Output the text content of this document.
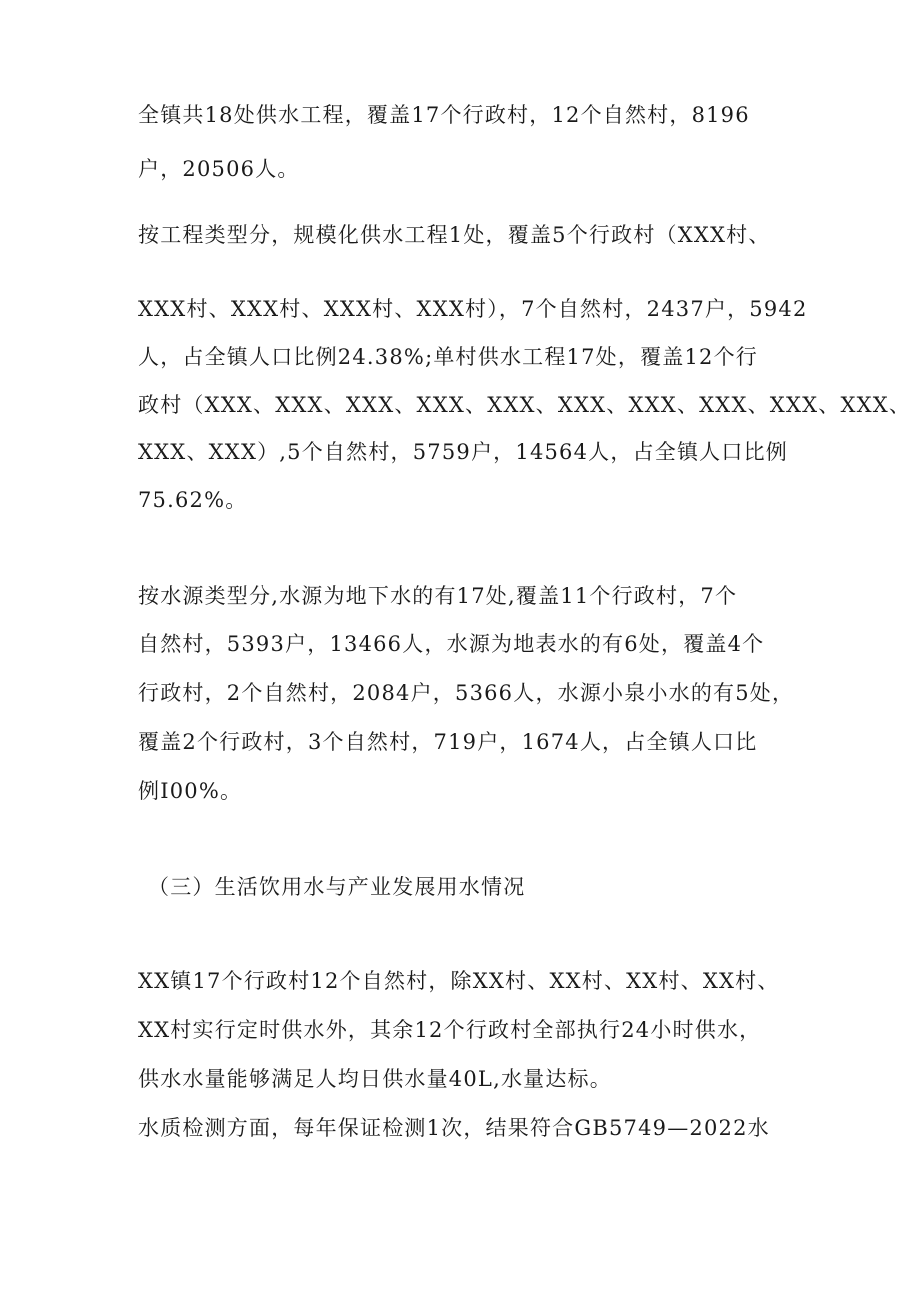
全镇共18处供水工程，覆盖17个行政村，12个自然村，8196
户，20506人。
按工程类型分，规模化供水工程1处，覆盖5个行政村（XXX村、
XXX村、XXX村、XXX村、XXX村），7个自然村，2437户，5942
人，占全镇人口比例24.38%;单村供水工程17处，覆盖12个行
政村（XXX、XXX、XXX、XXX、XXX、XXX、XXX、XXX、XXX、XXX、
XXX、XXX）,5个自然村，5759户，14564人，占全镇人口比例
75.62%。
按水源类型分,水源为地下水的有17处,覆盖11个行政村，7个
自然村，5393户，13466人，水源为地表水的有6处，覆盖4个
行政村，2个自然村，2084户，5366人，水源小泉小水的有5处，
覆盖2个行政村，3个自然村，719户，1674人，占全镇人口比
例I00%。
（三）生活饮用水与产业发展用水情况
XX镇17个行政村12个自然村，除XX村、XX村、XX村、XX村、
XX村实行定时供水外，其余12个行政村全部执行24小时供水，
供水水量能够满足人均日供水量40L,水量达标。
水质检测方面，每年保证检测1次，结果符合GB5749—2022水
